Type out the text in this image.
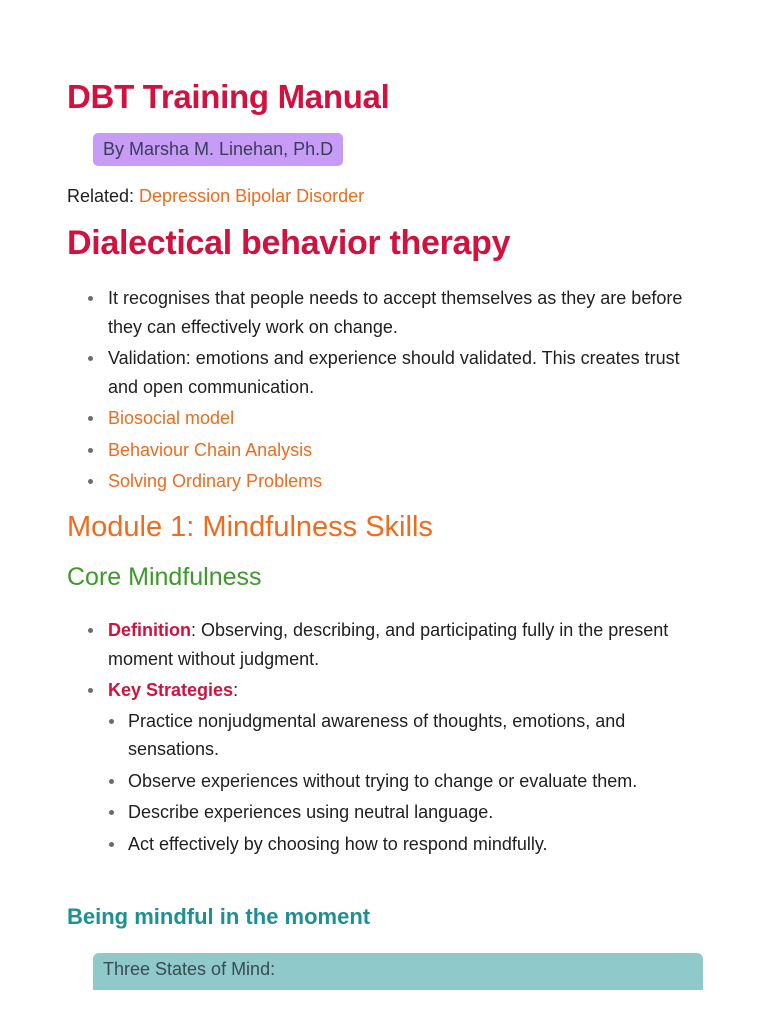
DBT Training Manual
By Marsha M. Linehan, Ph.D
Related: Depression Bipolar Disorder
Dialectical behavior therapy
It recognises that people needs to accept themselves as they are before they can effectively work on change.
Validation: emotions and experience should validated. This creates trust and open communication.
Biosocial model
Behaviour Chain Analysis
Solving Ordinary Problems
Module 1: Mindfulness Skills
Core Mindfulness
Definition: Observing, describing, and participating fully in the present moment without judgment.
Key Strategies:
Practice nonjudgmental awareness of thoughts, emotions, and sensations.
Observe experiences without trying to change or evaluate them.
Describe experiences using neutral language.
Act effectively by choosing how to respond mindfully.
Being mindful in the moment
Three States of Mind:
